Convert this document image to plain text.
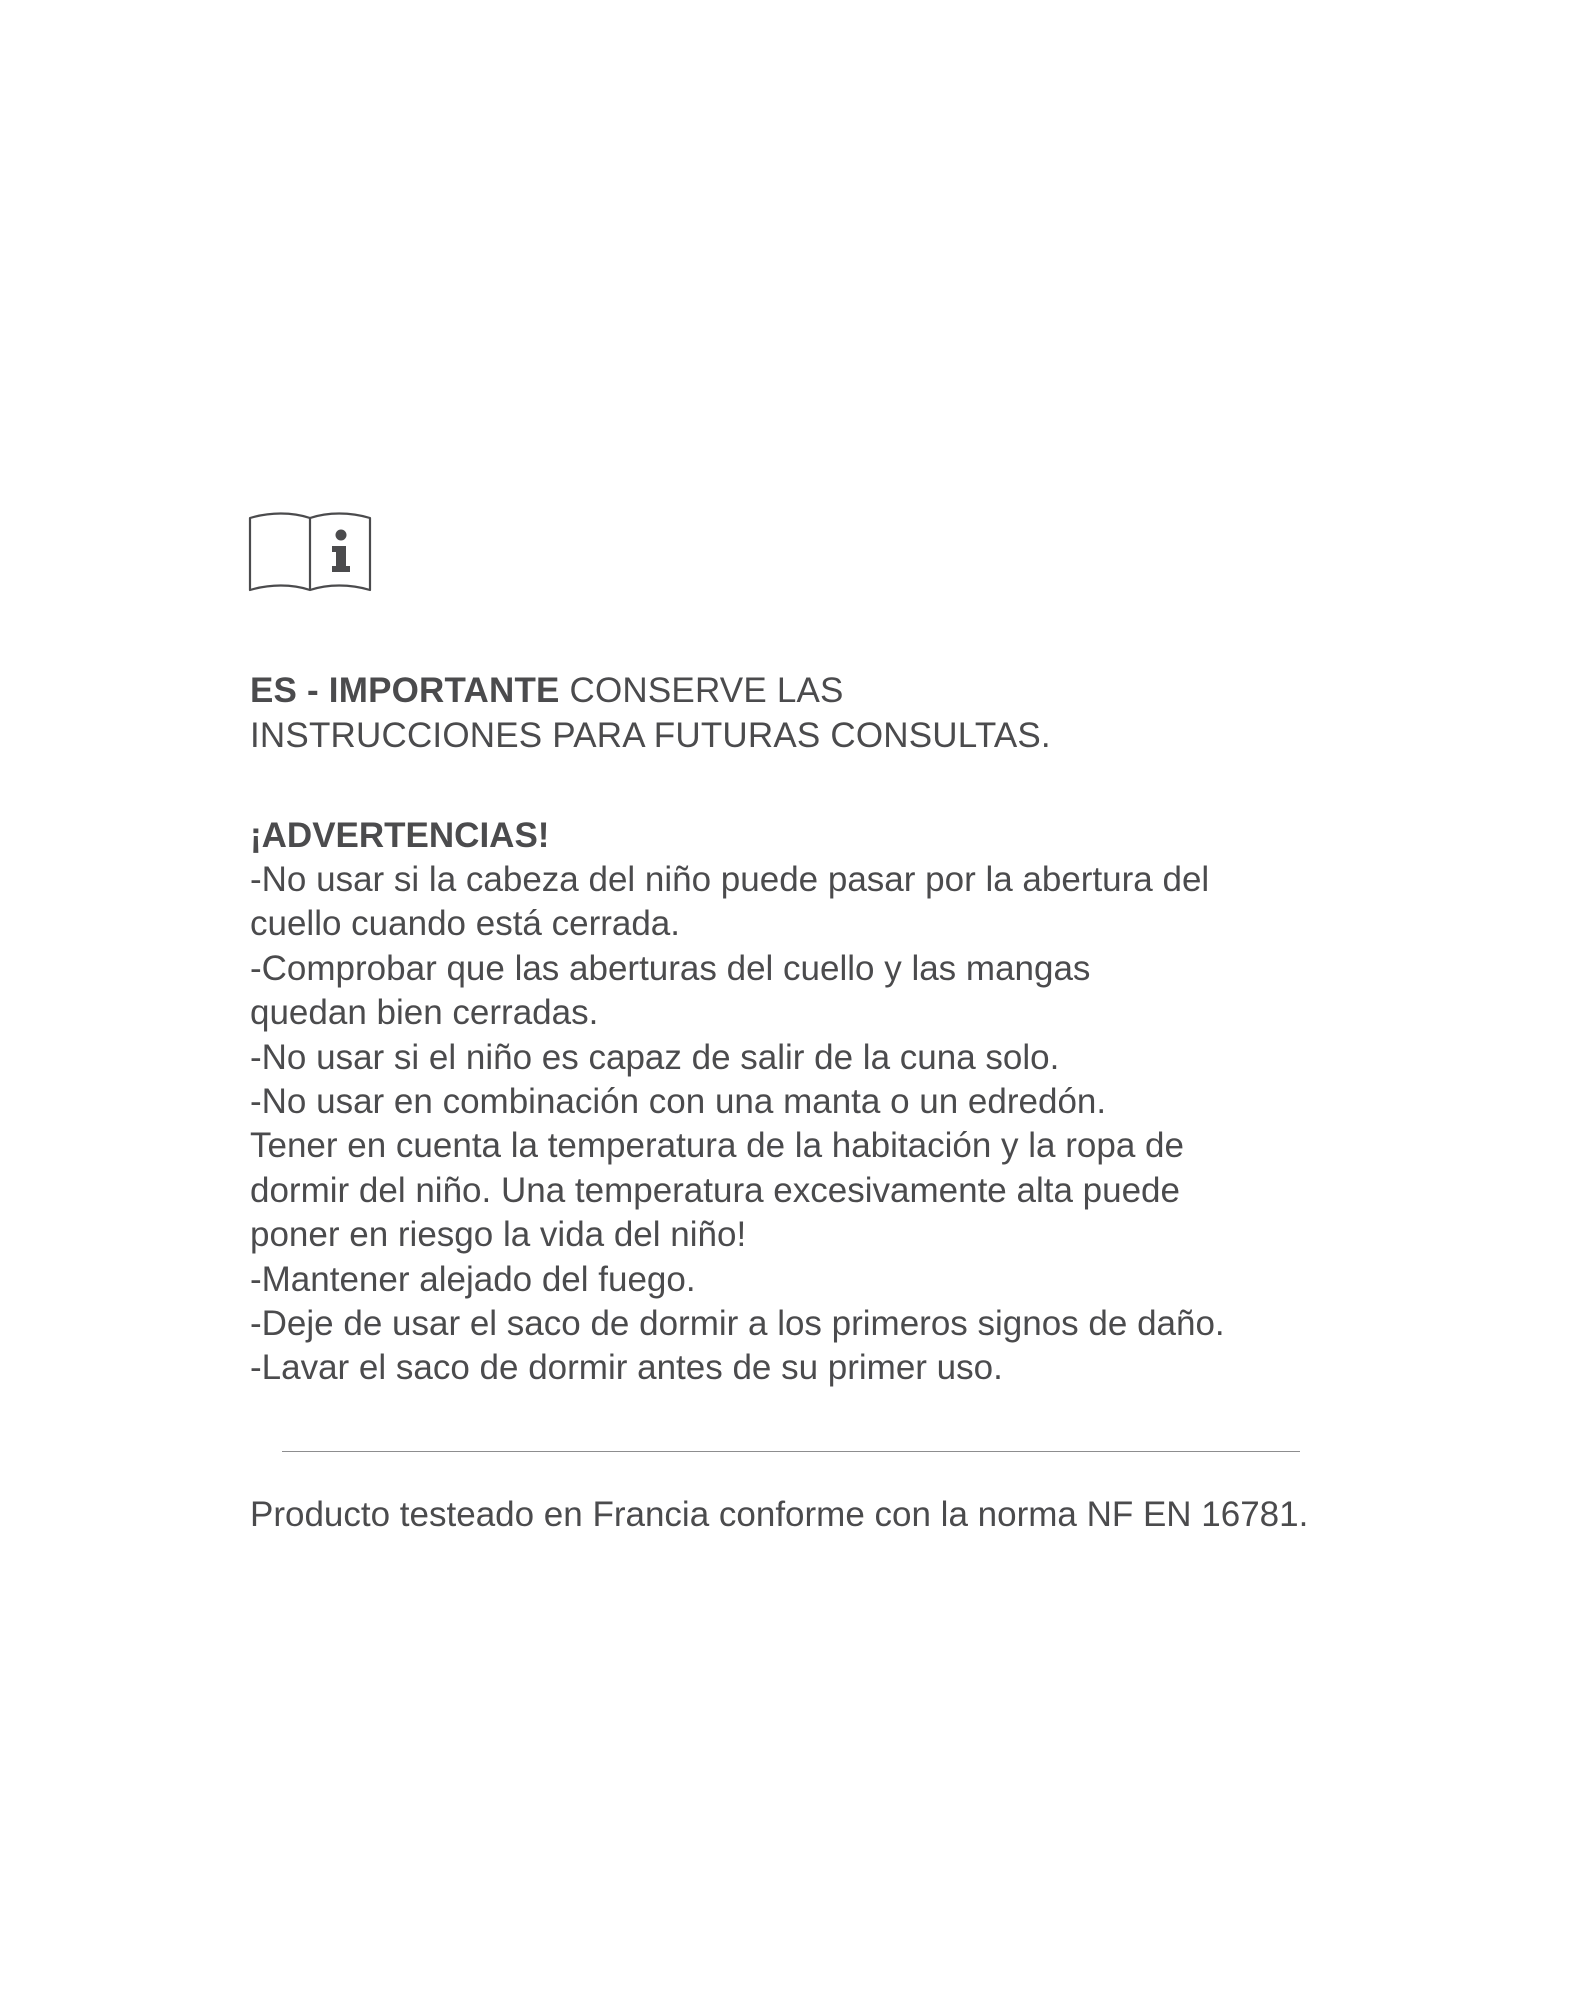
ES - IMPORTANTE CONSERVE LAS
INSTRUCCIONES PARA FUTURAS CONSULTAS.

¡ADVERTENCIAS!

-No usar si la cabeza del niño puede pasar por la abertura del

cuello cuando está cerrada.

-Comprobar que las aberturas del cuello y las mangas

quedan bien cerradas.

-No usar si el niño es capaz de salir de la cuna solo.

-No usar en combinación con una manta o un edredón.

Tener en cuenta la temperatura de la habitación y la ropa de

dormir del niño. Una temperatura excesivamente alta puede

poner en riesgo la vida del niño!

-Mantener alejado del fuego.

-Deje de usar el saco de dormir a los primeros signos de daño.

-Lavar el saco de dormir antes de su primer uso.

Producto testeado en Francia conforme con la norma NF EN 16781.
